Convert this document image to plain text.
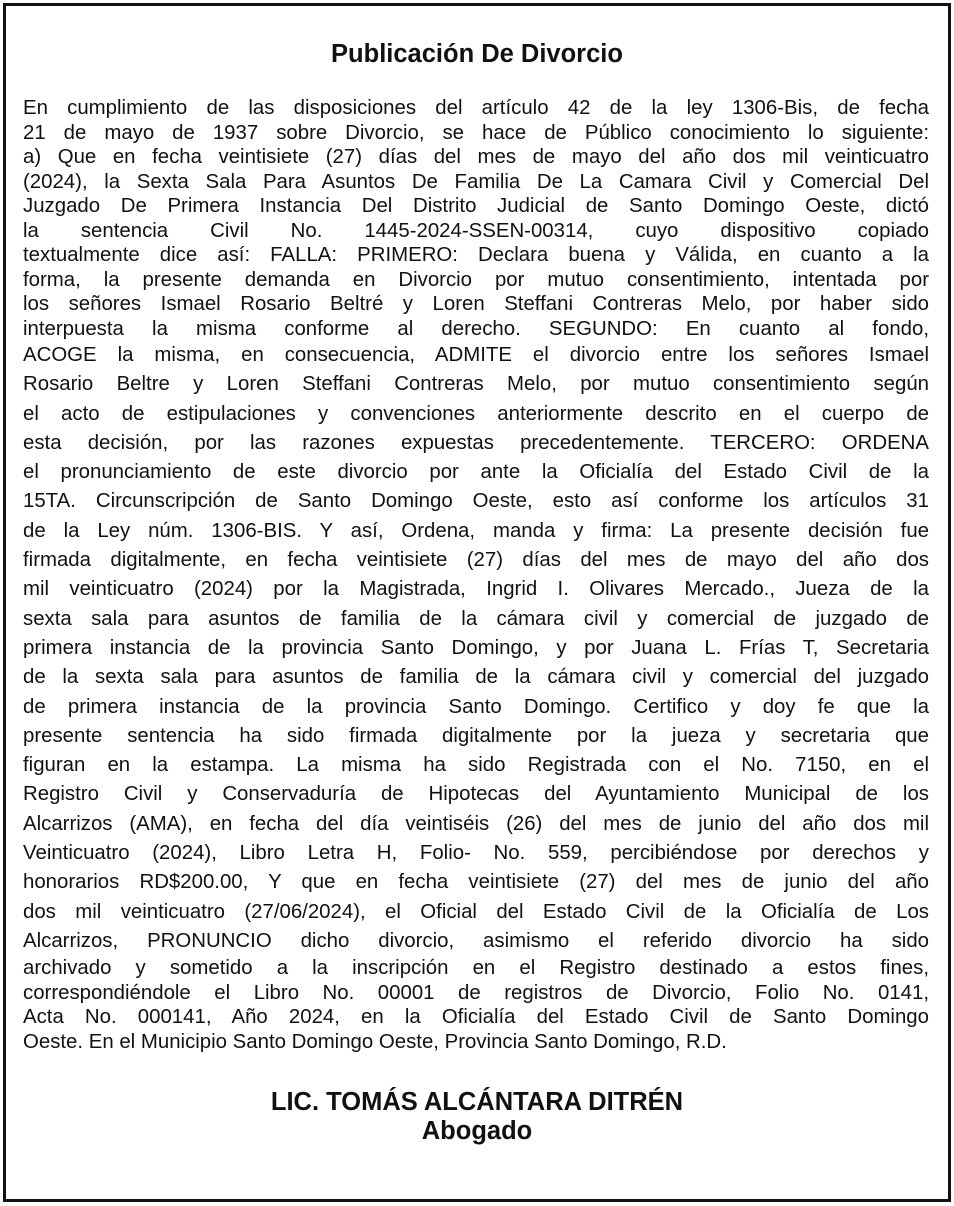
Publicación De Divorcio
En cumplimiento de las disposiciones del artículo 42 de la ley 1306-Bis, de fecha
21 de mayo de 1937 sobre Divorcio, se hace de Público conocimiento lo siguiente:
a) Que en fecha veintisiete (27) días del mes de mayo del año dos mil veinticuatro
(2024), la Sexta Sala Para Asuntos De Familia De La Camara Civil y Comercial Del
Juzgado De Primera Instancia Del Distrito Judicial de Santo Domingo Oeste, dictó
la sentencia Civil No. 1445-2024-SSEN-00314, cuyo dispositivo copiado
textualmente dice así: FALLA: PRIMERO: Declara buena y Válida, en cuanto a la
forma, la presente demanda en Divorcio por mutuo consentimiento, intentada por
los señores Ismael Rosario Beltré y Loren Steffani Contreras Melo, por haber sido
interpuesta la misma conforme al derecho. SEGUNDO: En cuanto al fondo,
ACOGE la misma, en consecuencia, ADMITE el divorcio entre los señores Ismael
Rosario Beltre y Loren Steffani Contreras Melo, por mutuo consentimiento según
el acto de estipulaciones y convenciones anteriormente descrito en el cuerpo de
esta decisión, por las razones expuestas precedentemente. TERCERO: ORDENA
el pronunciamiento de este divorcio por ante la Oficialía del Estado Civil de la
15TA. Circunscripción de Santo Domingo Oeste, esto así conforme los artículos 31
de la Ley núm. 1306-BIS. Y así, Ordena, manda y firma: La presente decisión fue
firmada digitalmente, en fecha veintisiete (27) días del mes de mayo del año dos
mil veinticuatro (2024) por la Magistrada, Ingrid I. Olivares Mercado., Jueza de la
sexta sala para asuntos de familia de la cámara civil y comercial de juzgado de
primera instancia de la provincia Santo Domingo, y por Juana L. Frías T, Secretaria
de la sexta sala para asuntos de familia de la cámara civil y comercial del juzgado
de primera instancia de la provincia Santo Domingo. Certifico y doy fe que la
presente sentencia ha sido firmada digitalmente por la jueza y secretaria que
figuran en la estampa. La misma ha sido Registrada con el No. 7150, en el
Registro Civil y Conservaduría de Hipotecas del Ayuntamiento Municipal de los
Alcarrizos (AMA), en fecha del día veintiséis (26) del mes de junio del año dos mil
Veinticuatro (2024), Libro Letra H, Folio- No. 559, percibiéndose por derechos y
honorarios RD$200.00, Y que en fecha veintisiete (27) del mes de junio del año
dos mil veinticuatro (27/06/2024), el Oficial del Estado Civil de la Oficialía de Los
Alcarrizos, PRONUNCIO dicho divorcio, asimismo el referido divorcio ha sido
archivado y sometido a la inscripción en el Registro destinado a estos fines,
correspondiéndole el Libro No. 00001 de registros de Divorcio, Folio No. 0141,
Acta No. 000141, Año 2024, en la Oficialía del Estado Civil de Santo Domingo
Oeste. En el Municipio Santo Domingo Oeste, Provincia Santo Domingo, R.D.
LIC. TOMÁS ALCÁNTARA DITRÉN
Abogado
